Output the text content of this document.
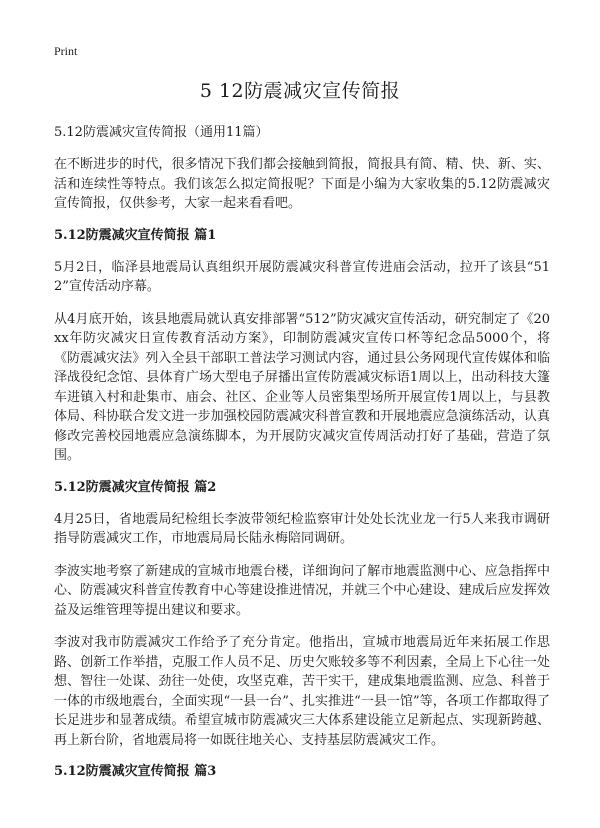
Print
5 12防震减灾宣传简报
5.12防震减灾宣传简报（通用11篇）

在不断进步的时代，很多情况下我们都会接触到简报，简报具有简、精、快、新、实、活和连续性等特点。我们该怎么拟定简报呢？下面是小编为大家收集的5.12防震减灾宣传简报，仅供参考，大家一起来看看吧。

5.12防震减灾宣传简报 篇1

5月2日，临泽县地震局认真组织开展防震减灾科普宣传进庙会活动，拉开了该县“512”宣传活动序幕。

从4月底开始，该县地震局就认真安排部署“512”防灾减灾宣传活动，研究制定了《20xx年防灾减灾日宣传教育活动方案》，印制防震减灾宣传口杯等纪念品5000个，将《防震减灾法》列入全县干部职工普法学习测试内容，通过县公务网现代宣传媒体和临泽战役纪念馆、县体育广场大型电子屏播出宣传防震减灾标语1周以上，出动科技大篷车进镇入村和赴集市、庙会、社区、企业等人员密集型场所开展宣传1周以上，与县教体局、科协联合发文进一步加强校园防震减灾科普宣教和开展地震应急演练活动，认真修改完善校园地震应急演练脚本，为开展防灾减灾宣传周活动打好了基础，营造了氛围。

5.12防震减灾宣传简报 篇2

4月25日，省地震局纪检组长李波带领纪检监察审计处处长沈业龙一行5人来我市调研指导防震减灾工作，市地震局局长陆永梅陪同调研。

李波实地考察了新建成的宣城市地震台楼，详细询问了解市地震监测中心、应急指挥中心、防震减灾科普宣传教育中心等建设推进情况，并就三个中心建设、建成后应发挥效益及运维管理等提出建议和要求。

李波对我市防震减灾工作给予了充分肯定。他指出，宣城市地震局近年来拓展工作思路、创新工作举措，克服工作人员不足、历史欠账较多等不利因素，全局上下心往一处想、智往一处谋、劲往一处使，攻坚克难，苦干实干，建成集地震监测、应急、科普于一体的市级地震台，全面实现“一县一台”、扎实推进“一县一馆”等，各项工作都取得了长足进步和显著成绩。希望宣城市防震减灾三大体系建设能立足新起点、实现新跨越、再上新台阶，省地震局将一如既往地关心、支持基层防震减灾工作。

5.12防震减灾宣传简报 篇3
